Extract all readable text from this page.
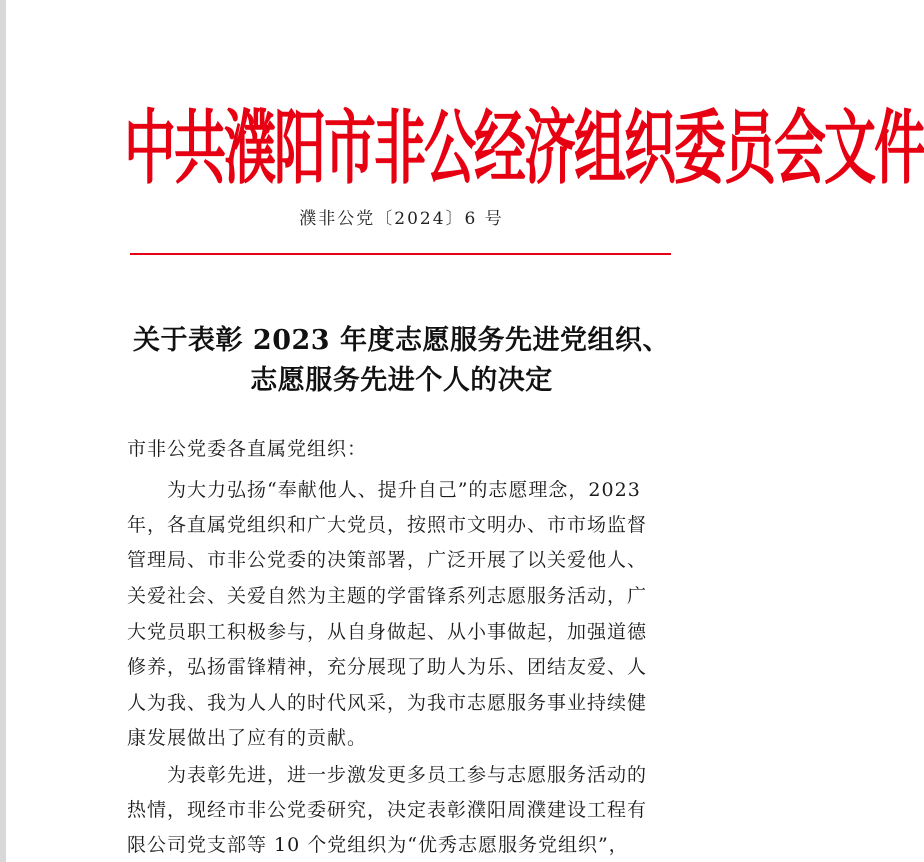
中共濮阳市非公经济组织委员会文件
濮非公党〔2024〕6 号
关于表彰 2023 年度志愿服务先进党组织、
志愿服务先进个人的决定
市非公党委各直属党组织：
为大力弘扬“奉献他人、提升自己”的志愿理念，2023
年，各直属党组织和广大党员，按照市文明办、市市场监督
管理局、市非公党委的决策部署，广泛开展了以关爱他人、
关爱社会、关爱自然为主题的学雷锋系列志愿服务活动，广
大党员职工积极参与，从自身做起、从小事做起，加强道德
修养，弘扬雷锋精神，充分展现了助人为乐、团结友爱、人
人为我、我为人人的时代风采，为我市志愿服务事业持续健
康发展做出了应有的贡献。
为表彰先进，进一步激发更多员工参与志愿服务活动的
热情，现经市非公党委研究，决定表彰濮阳周濮建设工程有
限公司党支部等 10 个党组织为“优秀志愿服务党组织”，
